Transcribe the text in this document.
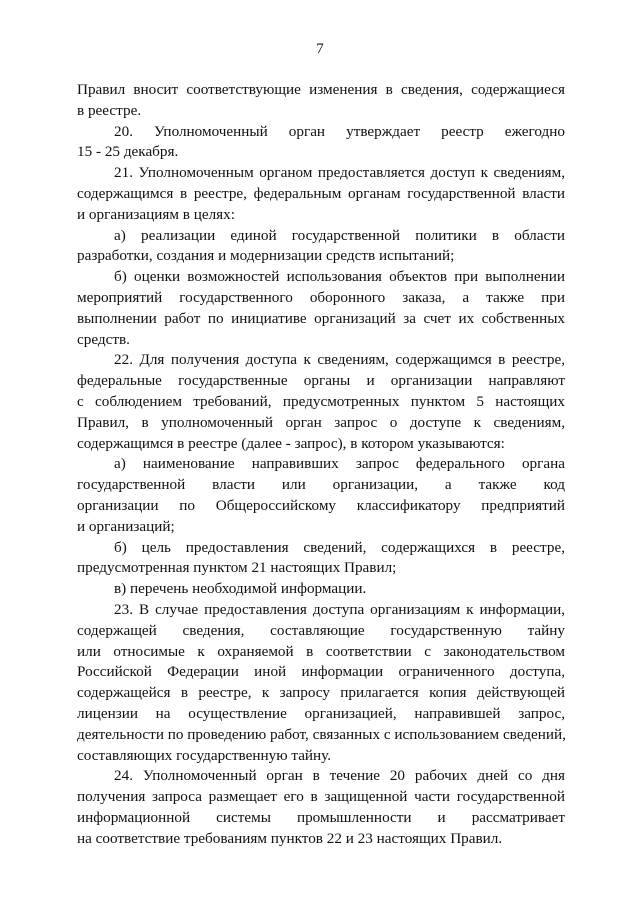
7
Правил вносит соответствующие изменения в сведения, содержащиеся
в реестре.
20. Уполномоченный орган утверждает реестр ежегодно
15 - 25 декабря.
21. Уполномоченным органом предоставляется доступ к сведениям,
содержащимся в реестре, федеральным органам государственной власти
и организациям в целях:
а) реализации единой государственной политики в области
разработки, создания и модернизации средств испытаний;
б) оценки возможностей использования объектов при выполнении
мероприятий государственного оборонного заказа, а также при
выполнении работ по инициативе организаций за счет их собственных
средств.
22. Для получения доступа к сведениям, содержащимся в реестре,
федеральные государственные органы и организации направляют
с соблюдением требований, предусмотренных пунктом 5 настоящих
Правил, в уполномоченный орган запрос о доступе к сведениям,
содержащимся в реестре (далее - запрос), в котором указываются:
а) наименование направивших запрос федерального органа
государственной власти или организации, а также код
организации по Общероссийскому классификатору предприятий
и организаций;
б) цель предоставления сведений, содержащихся в реестре,
предусмотренная пунктом 21 настоящих Правил;
в) перечень необходимой информации.
23. В случае предоставления доступа организациям к информации,
содержащей сведения, составляющие государственную тайну
или относимые к охраняемой в соответствии с законодательством
Российской Федерации иной информации ограниченного доступа,
содержащейся в реестре, к запросу прилагается копия действующей
лицензии на осуществление организацией, направившей запрос,
деятельности по проведению работ, связанных с использованием сведений,
составляющих государственную тайну.
24. Уполномоченный орган в течение 20 рабочих дней со дня
получения запроса размещает его в защищенной части государственной
информационной системы промышленности и рассматривает
на соответствие требованиям пунктов 22 и 23 настоящих Правил.
